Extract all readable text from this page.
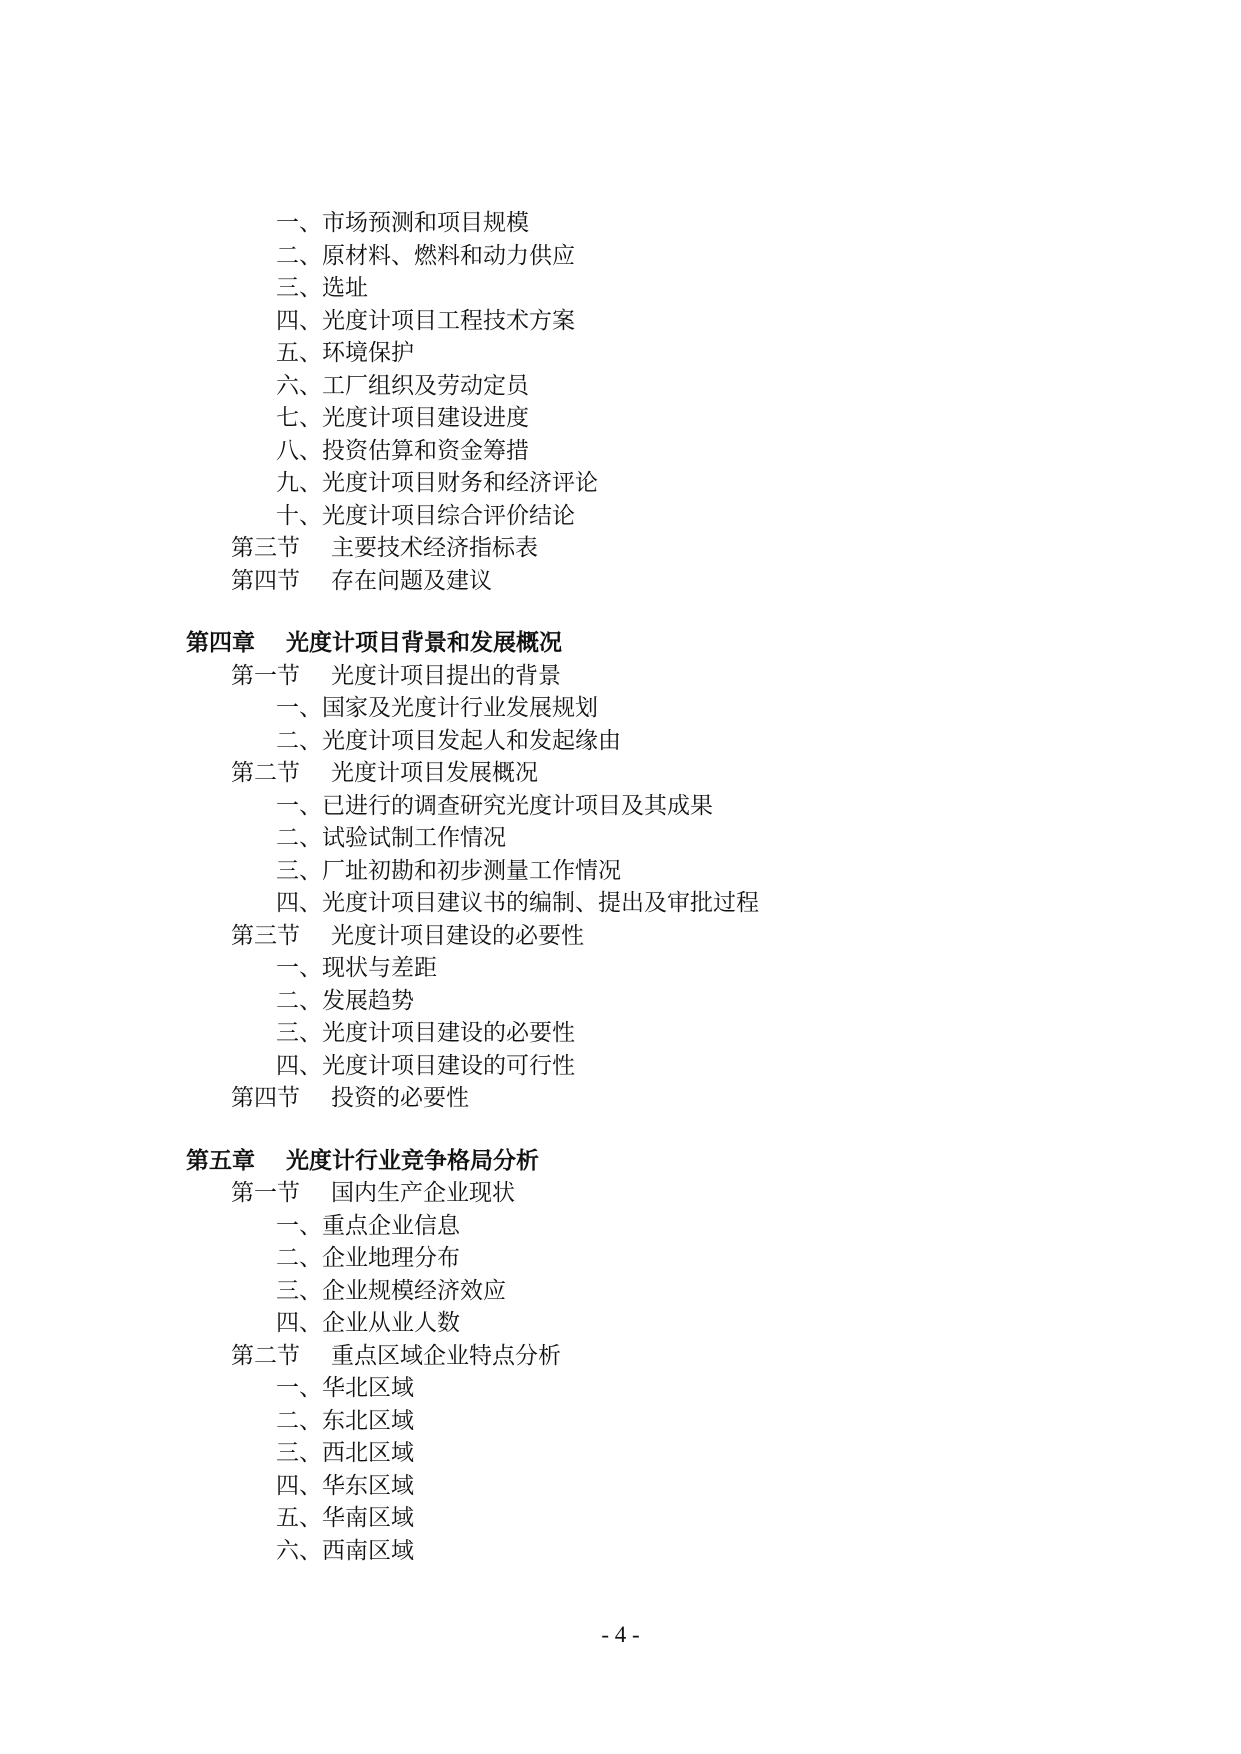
一、市场预测和项目规模
二、原材料、燃料和动力供应
三、选址
四、光度计项目工程技术方案
五、环境保护
六、工厂组织及劳动定员
七、光度计项目建设进度
八、投资估算和资金筹措
九、光度计项目财务和经济评论
十、光度计项目综合评价结论
第三节 主要技术经济指标表
第四节 存在问题及建议
第四章 光度计项目背景和发展概况
第一节 光度计项目提出的背景
一、国家及光度计行业发展规划
二、光度计项目发起人和发起缘由
第二节 光度计项目发展概况
一、已进行的调查研究光度计项目及其成果
二、试验试制工作情况
三、厂址初勘和初步测量工作情况
四、光度计项目建议书的编制、提出及审批过程
第三节 光度计项目建设的必要性
一、现状与差距
二、发展趋势
三、光度计项目建设的必要性
四、光度计项目建设的可行性
第四节 投资的必要性
第五章 光度计行业竞争格局分析
第一节 国内生产企业现状
一、重点企业信息
二、企业地理分布
三、企业规模经济效应
四、企业从业人数
第二节 重点区域企业特点分析
一、华北区域
二、东北区域
三、西北区域
四、华东区域
五、华南区域
六、西南区域
- 4 -
